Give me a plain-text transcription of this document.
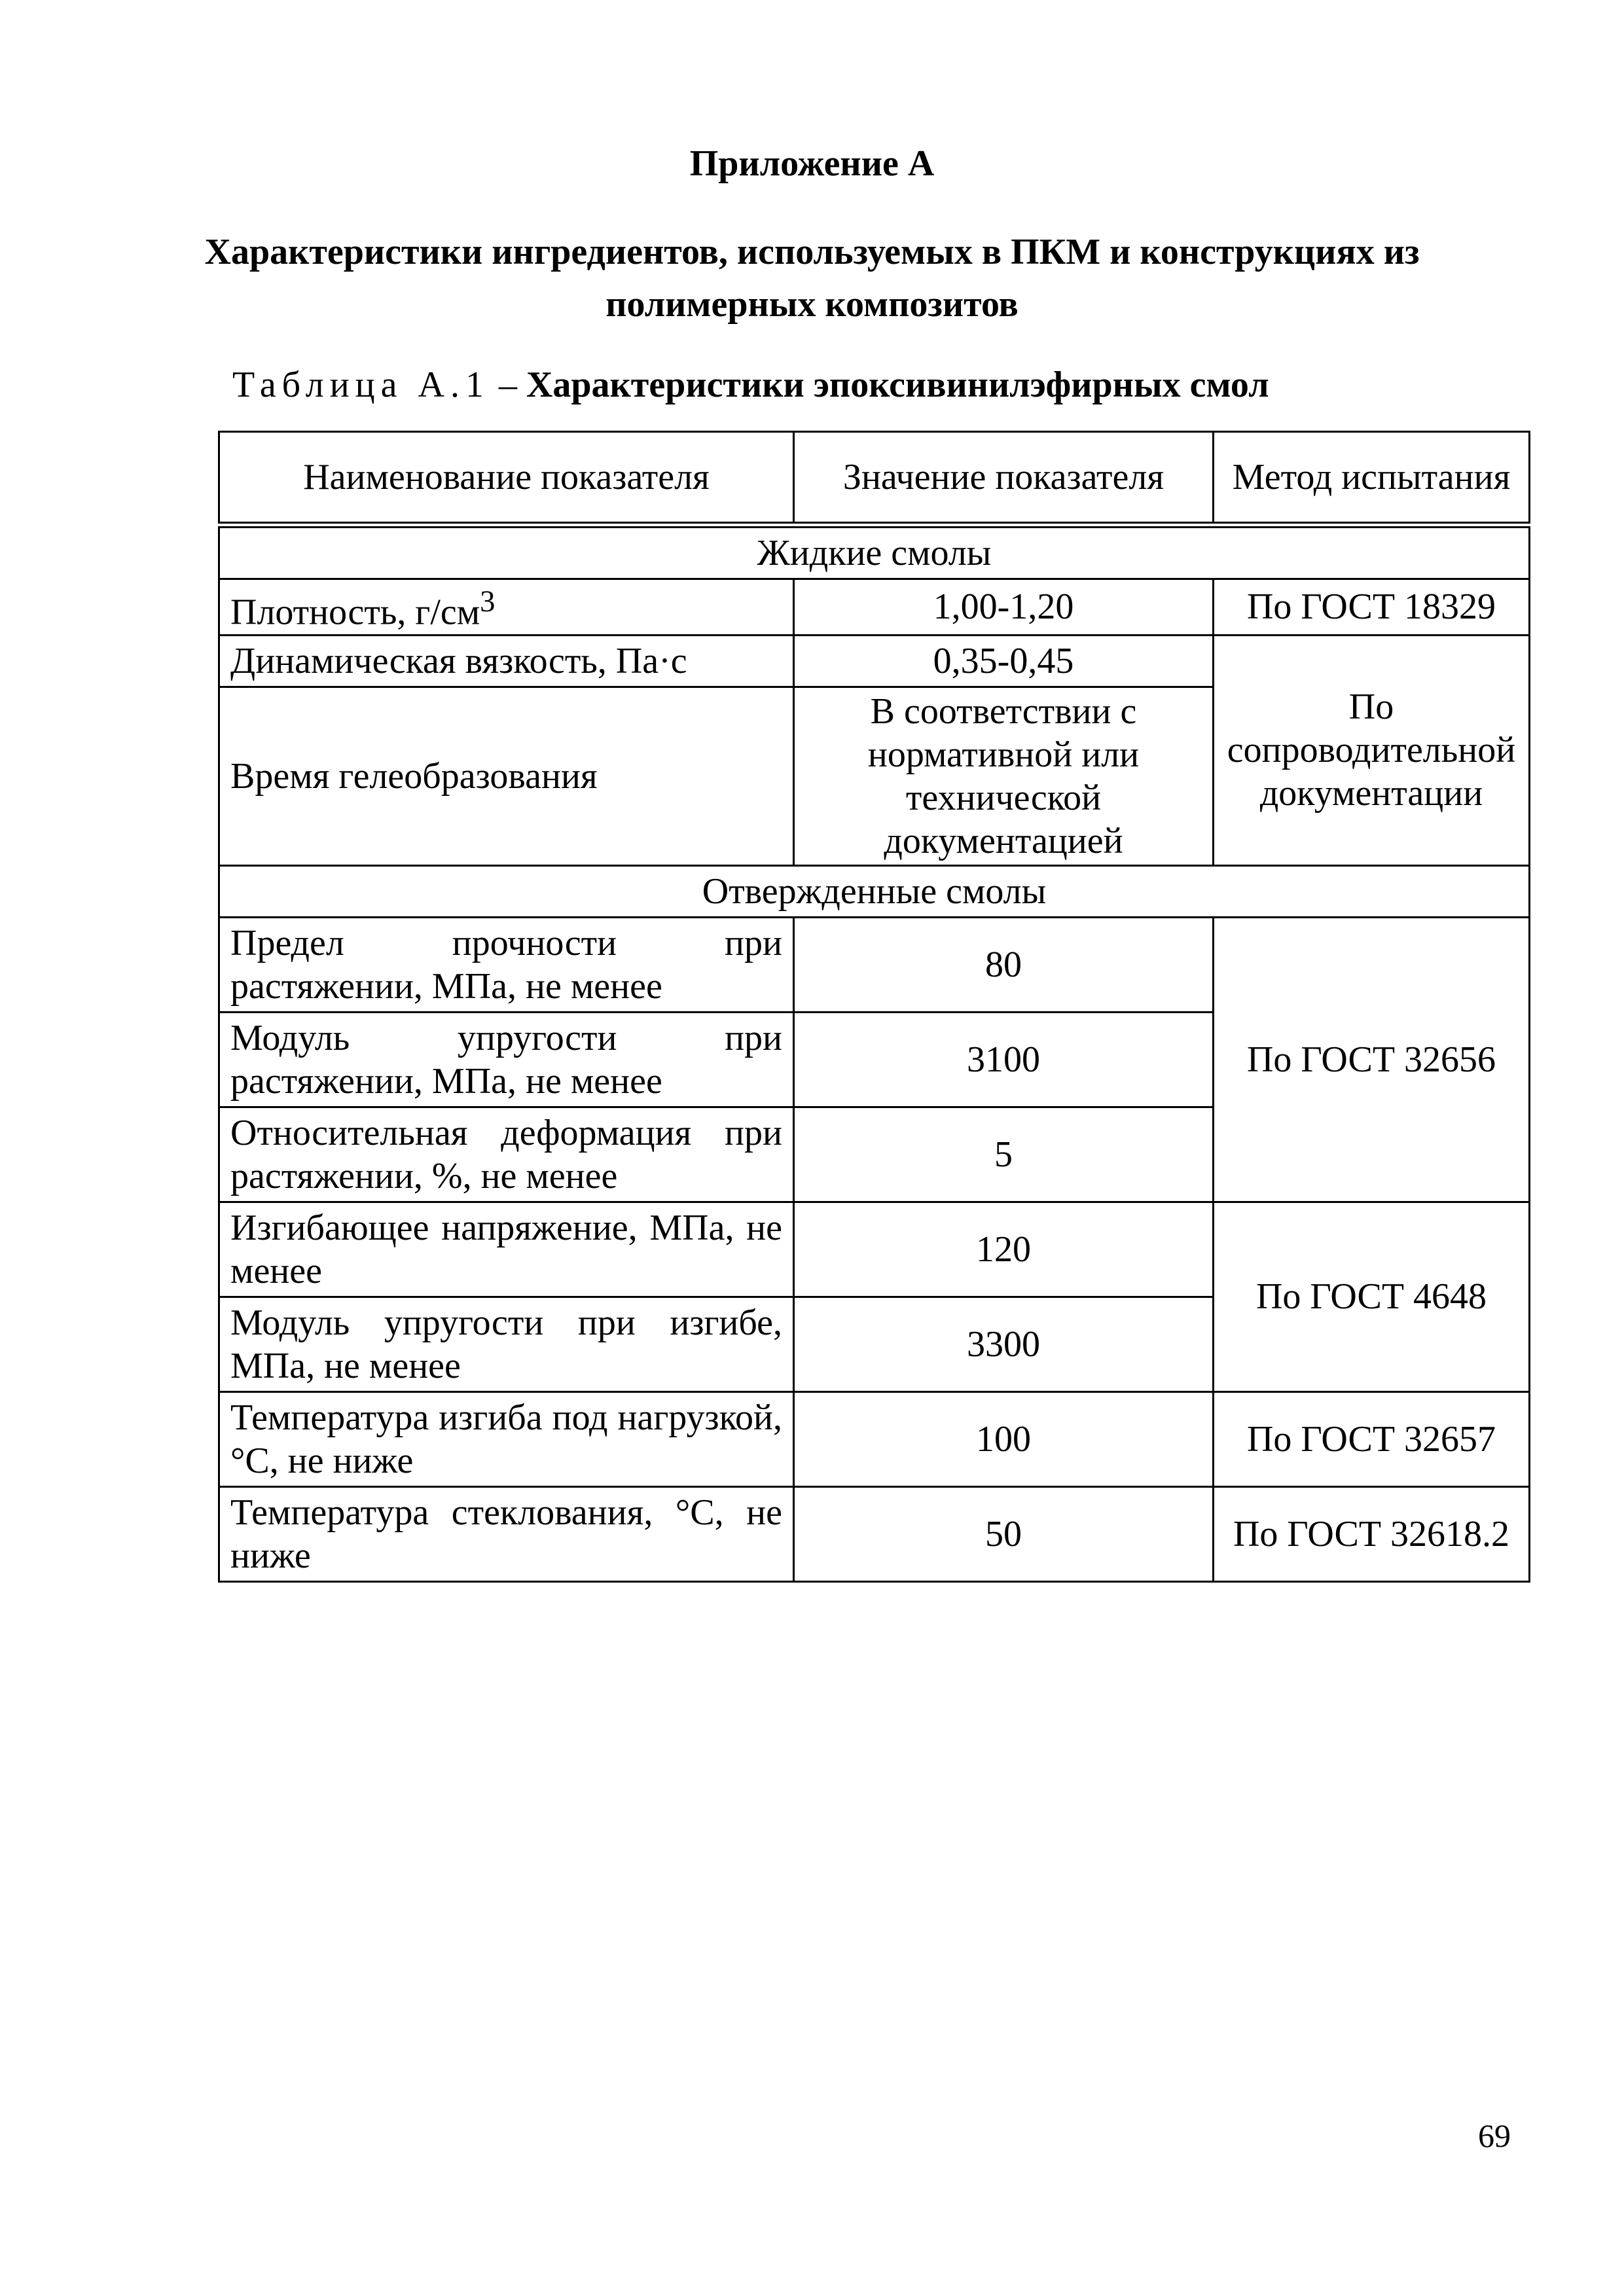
Приложение А
Характеристики ингредиентов, используемых в ПКМ и конструкциях из полимерных композитов
Таблица А.1 – Характеристики эпоксивинилэфирных смол
Наименование показателя	Значение показателя	Метод испытания
Жидкие смолы		
Плотность, $г/см^3$	1,00-1,20	По ГОСТ 18329
Динамическая вязкость, Па·с	0,35-0,45	По сопроводительной документации
Время гелеобразования	В соответствии с нормативной или технической документацией	
Отвержденные смолы		
Предел прочности при растяжении, МПа, не менее	80	По ГОСТ 32656
Модуль упругости при растяжении, МПа, не менее	3100	
Относительная деформация при растяжении, %, не менее	5	
Изгибающее напряжение, МПа, не менее	120	По ГОСТ 4648
Модуль упругости при изгибе, МПа, не менее	3300	
Температура изгиба под нагрузкой, °С, не ниже	100	По ГОСТ 32657
Температура стеклования, °С, не ниже	50	По ГОСТ 32618.2
69
